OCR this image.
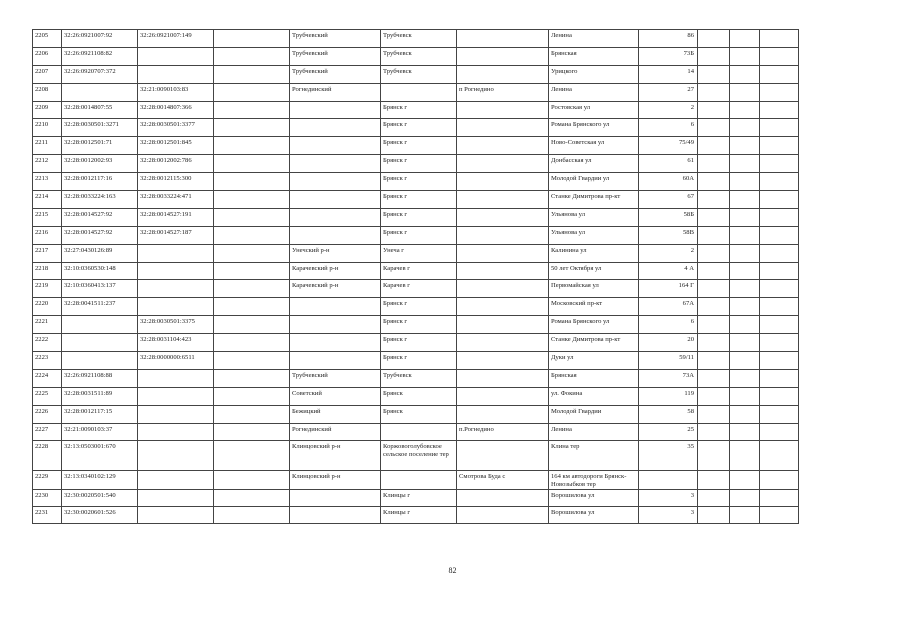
2205	32:26:0921007:92	32:26:0921007:149		Трубчевский	Трубчевск		Ленина	86			
2206	32:26:0921108:82			Трубчевский	Трубчевск		Брянская	73Б			
2207	32:26:0920707:372			Трубчевский	Трубчевск		Урицкого	14			
2208		32:21:0090103:83		Рогнединский		п Рогнедино	Ленина	27			
2209	32:28:0014807:55	32:28:0014807:366			Брянск г		Ростовская ул	2			
2210	32:28:0030501:3271	32:28:0030501:3377			Брянск г		Романа Брянского ул	6			
2211	32:28:0012501:71	32:28:0012501:845			Брянск г		Ново-Советская ул	75/49			
2212	32:28:0012002:93	32:28:0012002:786			Брянск г		Донбасская ул	61			
2213	32:28:0012117:16	32:28:0012115:300			Брянск г		Молодой Гвардии ул	60А			
2214	32:28:0033224:163	32:28:0033224:471			Брянск г		Станке Димитрова пр-кт	67			
2215	32:28:0014527:92	32:28:0014527:191			Брянск г		Ульянова ул	58Б			
2216	32:28:0014527:92	32:28:0014527:187			Брянск г		Ульянова ул	58В			
2217	32:27:0430126:89			Унечский р-н	Унеча г		Калинина ул	2			
2218	32:10:0360530:148			Карачевский р-н	Карачев г		50 лет Октября ул	4 А			
2219	32:10:0360413:137			Карачевский р-н	Карачев г		Первомайская ул	164 Г			
2220	32:28:0041511:237				Брянск г		Московский пр-кт	67А			
2221		32:28:0030501:3375			Брянск г		Романа Брянского ул	6			
2222		32:28:0031104:423			Брянск г		Станке Димитрова пр-кт	20			
2223		32:28:0000000:6511			Брянск г		Дуки ул	59/11			
2224	32:26:0921108:88			Трубчевский	Трубчевск		Брянская	73А			
2225	32:28:0031511:89			Советский	Брянск		ул. Фокина	119			
2226	32:28:0012117:15			Бежицкий	Брянск		Молодой Гвардии	58			
2227	32:21:0090103:37			Рогнединский		п.Рогнедино	Ленина	25			
2228	32:13:0503001:670			Клинцовский р-н	Коржовоголубовское сельское поселение тер		Клина тер	35			
2229	32:13:0340102:129			Клинцовский р-н		Смотрова Буда с	164 км автодороги Брянск-Новозыбков тер				
2230	32:30:0020501:540				Клинцы г		Ворошилова ул	3			
2231	32:30:0020601:526				Клинцы г		Ворошилова ул	3			
82
